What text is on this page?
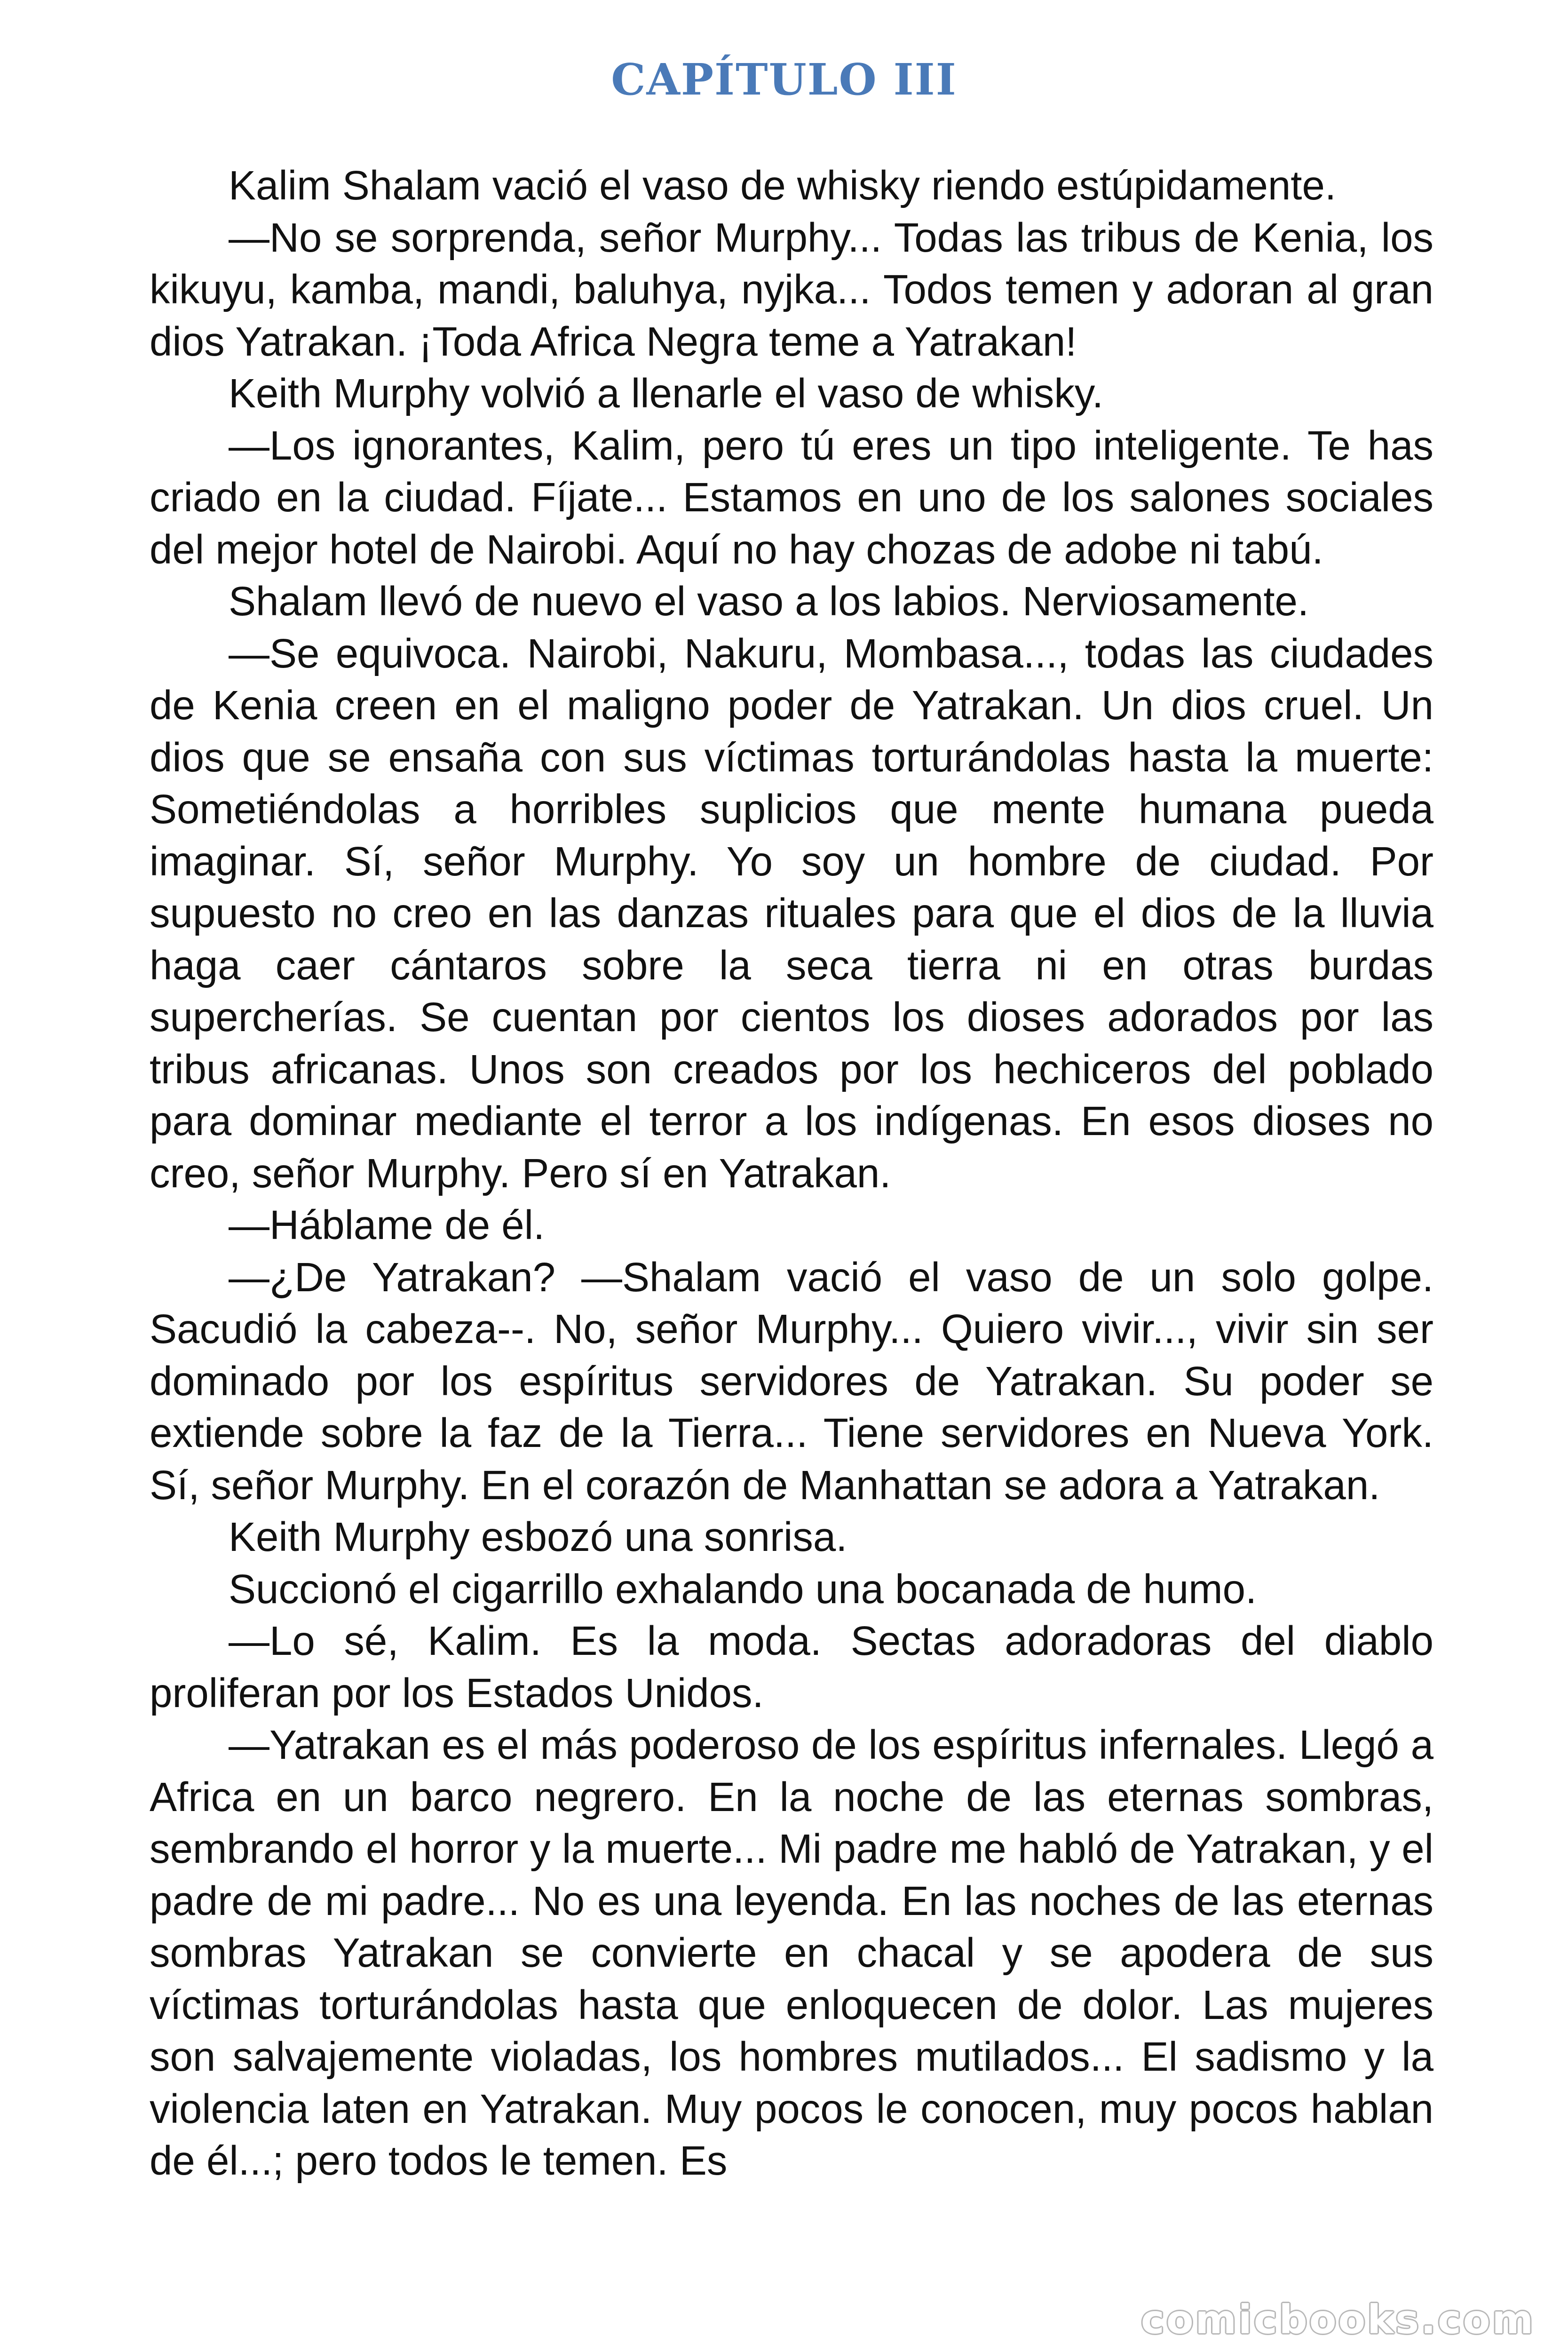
CAPÍTULO III

Kalim Shalam vació el vaso de whisky riendo estúpidamente.

—No se sorprenda, señor Murphy... Todas las tribus de Kenia, los kikuyu, kamba, mandi, baluhya, nyjka... Todos temen y adoran al gran dios Yatrakan. ¡Toda Africa Negra teme a Yatrakan!

Keith Murphy volvió a llenarle el vaso de whisky.

—Los ignorantes, Kalim, pero tú eres un tipo inteligente. Te has criado en la ciudad. Fíjate... Estamos en uno de los salones sociales del mejor hotel de Nairobi. Aquí no hay chozas de adobe ni tabú.

Shalam llevó de nuevo el vaso a los labios. Nerviosamente.

—Se equivoca. Nairobi, Nakuru, Mombasa..., todas las ciudades de Kenia creen en el maligno poder de Yatrakan. Un dios cruel. Un dios que se ensaña con sus víctimas torturándolas hasta la muerte: Sometiéndolas a horribles suplicios que mente humana pueda imaginar. Sí, señor Murphy. Yo soy un hombre de ciudad. Por supuesto no creo en las danzas rituales para que el dios de la lluvia haga caer cántaros sobre la seca tierra ni en otras burdas supercherías. Se cuentan por cientos los dioses adorados por las tribus africanas. Unos son creados por los hechiceros del poblado para dominar mediante el terror a los indígenas. En esos dioses no creo, señor Murphy. Pero sí en Yatrakan.

—Háblame de él.

—¿De Yatrakan? —Shalam vació el vaso de un solo golpe. Sacudió la cabeza--. No, señor Murphy... Quiero vivir..., vivir sin ser dominado por los espíritus servidores de Yatrakan. Su poder se extiende sobre la faz de la Tierra... Tiene servidores en Nueva York. Sí, señor Murphy. En el corazón de Manhattan se adora a Yatrakan.

Keith Murphy esbozó una sonrisa.

Succionó el cigarrillo exhalando una bocanada de humo.

—Lo sé, Kalim. Es la moda. Sectas adoradoras del diablo proliferan por los Estados Unidos.

—Yatrakan es el más poderoso de los espíritus infernales. Llegó a Africa en un barco negrero. En la noche de las eternas sombras, sembrando el horror y la muerte... Mi padre me habló de Yatrakan, y el padre de mi padre... No es una leyenda. En las noches de las eternas sombras Yatrakan se convierte en chacal y se apodera de sus víctimas torturándolas hasta que enloquecen de dolor. Las mujeres son salvajemente violadas, los hombres mutilados... El sadismo y la violencia laten en Yatrakan. Muy pocos le conocen, muy pocos hablan de él...; pero todos le temen. Es

comicbooks.com
